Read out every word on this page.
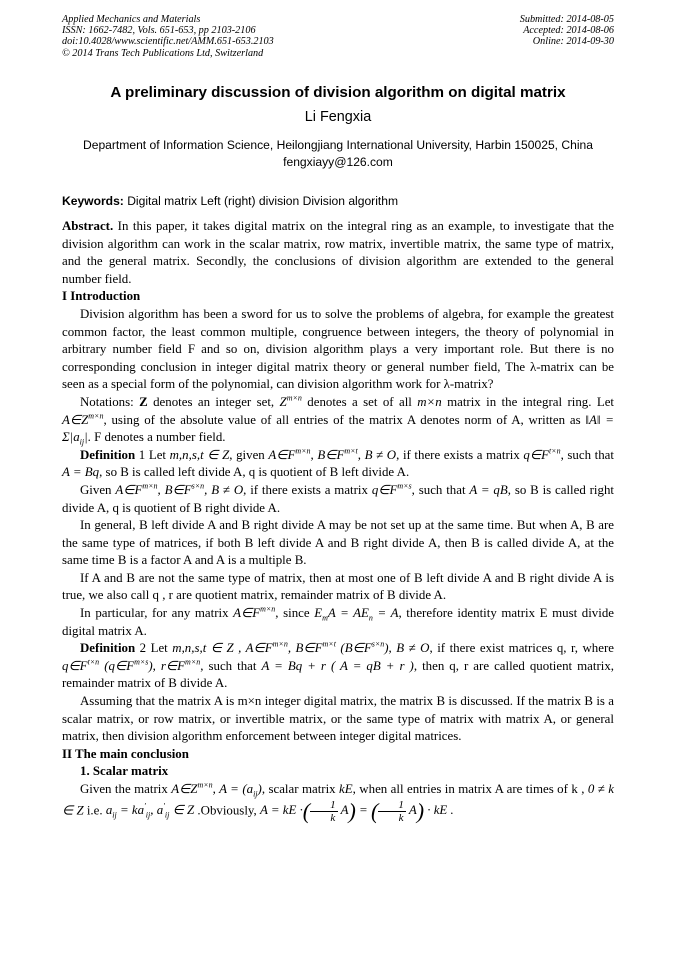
Applied Mechanics and Materials
ISSN: 1662-7482, Vols. 651-653, pp 2103-2106
doi:10.4028/www.scientific.net/AMM.651-653.2103
© 2014 Trans Tech Publications Ltd, Switzerland
Submitted: 2014-08-05
Accepted: 2014-08-06
Online: 2014-09-30
A preliminary discussion of division algorithm on digital matrix
Li Fengxia
Department of Information Science, Heilongjiang International University, Harbin 150025, China
fengxiayy@126.com
Keywords: Digital matrix Left (right) division Division algorithm

Abstract. In this paper, it takes digital matrix on the integral ring as an example, to investigate that the division algorithm can work in the scalar matrix, row matrix, invertible matrix, the same type of matrix, and the general matrix. Secondly, the conclusions of division algorithm are extended to the general number field.

I Introduction

Division algorithm has been a sword for us to solve the problems of algebra, for example the greatest common factor, the least common multiple, congruence between integers, the theory of polynomial in arbitrary number field F and so on, division algorithm plays a very important role. But there is no corresponding conclusion in integer digital matrix theory or general number field, The λ-matrix can be seen as a special form of the polynomial, can division algorithm work for λ-matrix?

Notations: Z denotes an integer set, $Z^{m\times n}$ denotes a set of all m×n matrix in the integral ring. Let $A\in Z^{m\times n}$, using of the absolute value of all entries of the matrix A denotes norm of A, written as ‖A‖ = $\Sigma|a_{ij}|$. F denotes a number field.

Definition 1 Let m,n,s,t ∈ Z, given $A\in F^{m\times n}$, $B\in F^{m\times t}$, B ≠ O, if there exists a matrix $q\in F^{t\times n}$, such that A = Bq, so B is called left divide A, q is quotient of B left divide A.

Given $A\in F^{m\times n}$, $B\in F^{s\times n}$, B ≠ O, if there exists a matrix $q\in F^{m\times s}$, such that A = qB, so B is called right divide A, q is quotient of B right divide A.

In general, B left divide A and B right divide A may be not set up at the same time. But when A, B are the same type of matrices, if both B left divide A and B right divide A, then B is called divide A, at the same time B is a factor A and A is a multiple B.

If A and B are not the same type of matrix, then at most one of B left divide A and B right divide A is true, we also call q , r are quotient matrix, remainder matrix of B divide A.

In particular, for any matrix $A\in F^{m\times n}$, since $E_mA = AE_n = A$, therefore identity matrix E must divide digital matrix A.

Definition 2 Let m,n,s,t ∈ Z , $A\in F^{m\times n}$, $B\in F^{m\times t}$ $(B\in F^{s\times n})$, B ≠ O, if there exist matrices q, r, where $q\in F^{t\times n}$ $(q\in F^{m\times s})$, $r\in F^{m\times n}$, such that A = Bq + r ( A = qB + r ), then q, r are called quotient matrix, remainder matrix of B divide A.

Assuming that the matrix A is m×n integer digital matrix, the matrix B is discussed. If the matrix B is a scalar matrix, or row matrix, or invertible matrix, or the same type of matrix with matrix A, or general matrix, then division algorithm enforcement between integer digital matrices.

II The main conclusion

1. Scalar matrix

Given the matrix $A\in Z^{m\times n}$, $A = (a_{ij})$, scalar matrix kE, when all entries in matrix A are times of k , 0 ≠ k ∈ Z i.e. $a_{ij} = ka'_{ij}$, $a'_{ij}$ ∈ Z .Obviously, A = kE ·( $\frac{1}{k} A$) = ( $\frac{1}{k} A$) · kE .
